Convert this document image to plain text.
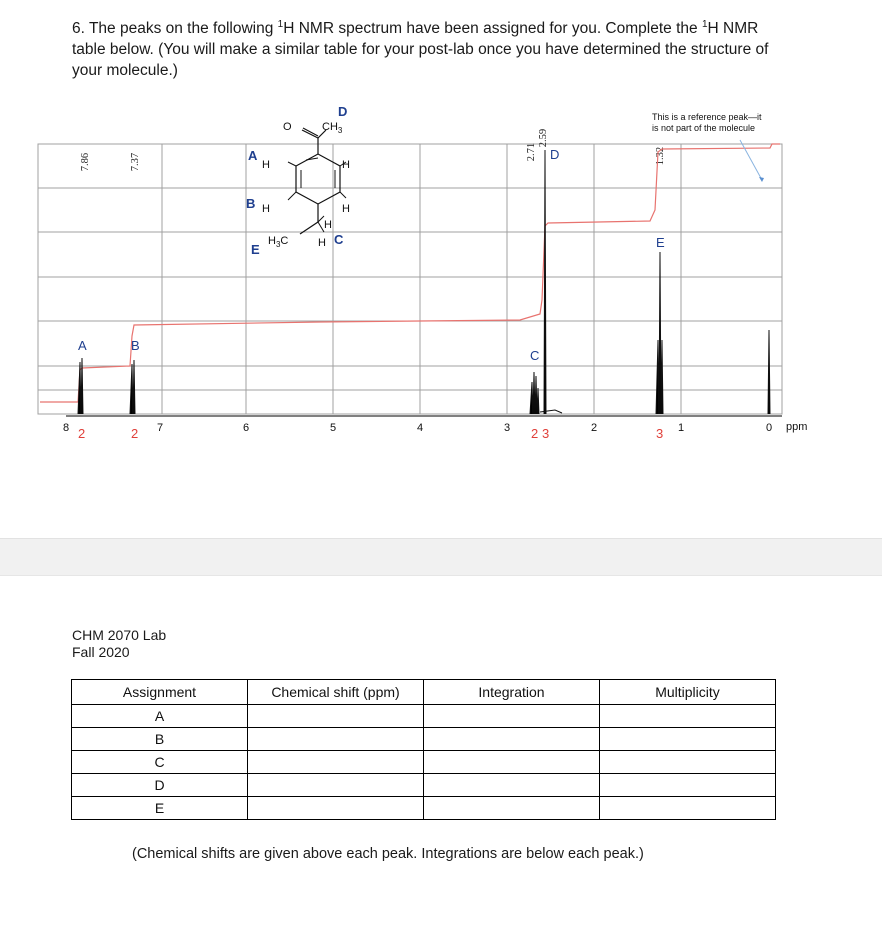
6. The peaks on the following $^1$H NMR spectrum have been assigned for you. Complete the $^1$H NMR table below. (You will make a similar table for your post-lab once you have determined the structure of your molecule.)
8	7	6	5	4	3	2	1	0 ppm
7.86	7.37
2.71
2.59
1.32
A	B
C
D
E
2	2	2 3	3
This is a reference peak—it
is not part of the molecule
O	$CH_3$
H	H
H	H
H
H
$H_3C$
D
A
B
C
E
CHM 2070 Lab
Fall 2020
Assignment	Chemical shift (ppm)	Integration	Multiplicity
A			
B			
C			
D			
E			
(Chemical shifts are given above each peak. Integrations are below each peak.)
